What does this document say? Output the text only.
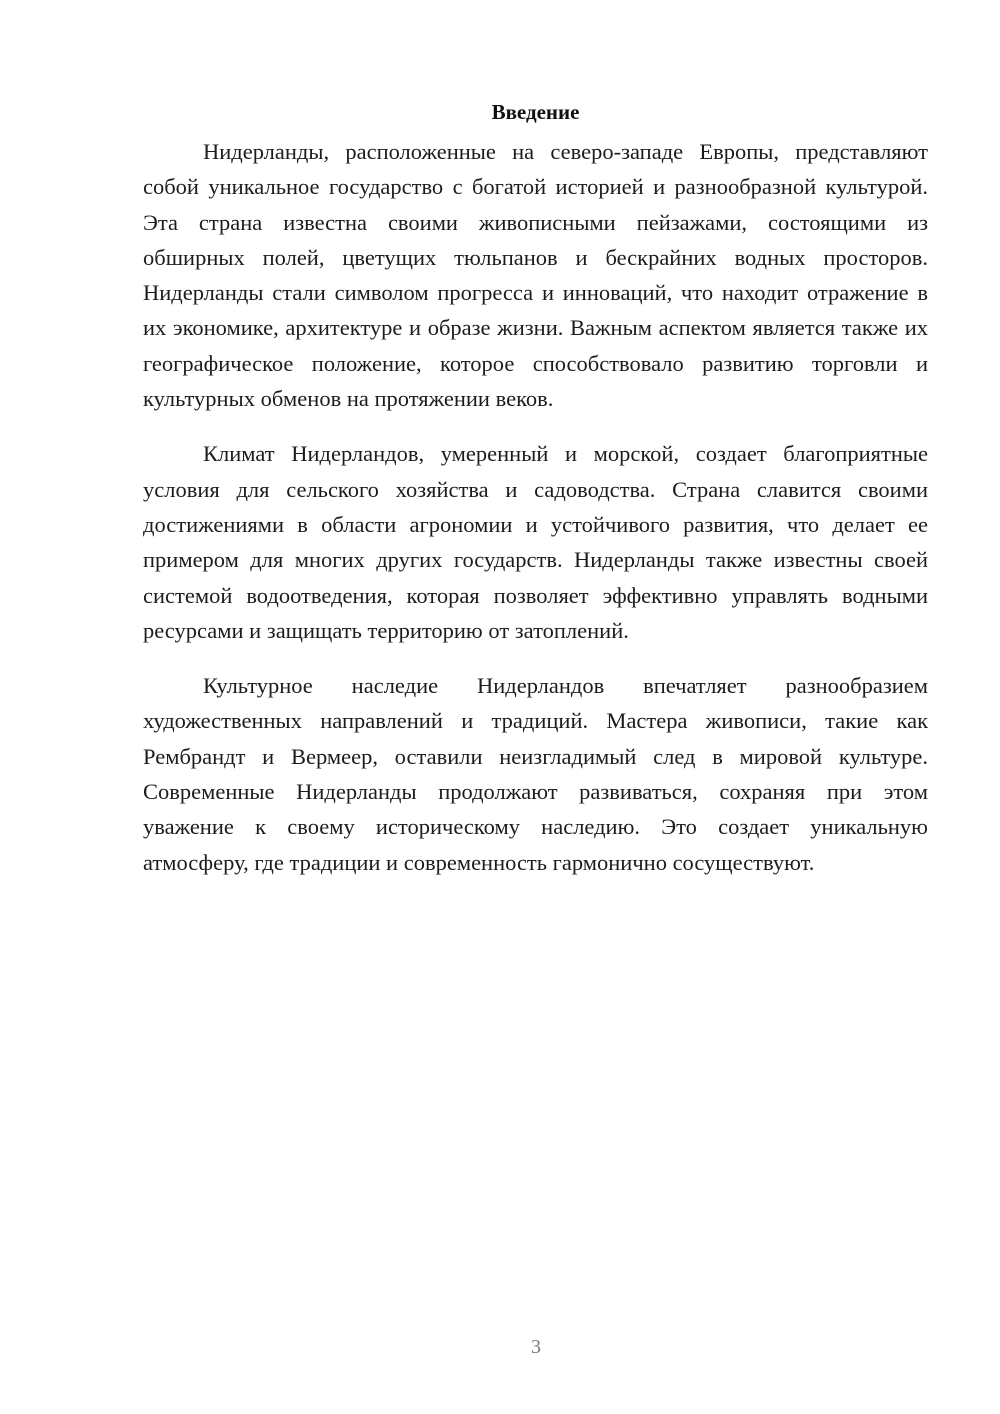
Введение

Нидерланды, расположенные на северо-западе Европы, представляют собой уникальное государство с богатой историей и разнообразной культурой. Эта страна известна своими живописными пейзажами, состоящими из обширных полей, цветущих тюльпанов и бескрайних водных просторов. Нидерланды стали символом прогресса и инноваций, что находит отражение в их экономике, архитектуре и образе жизни. Важным аспектом является также их географическое положение, которое способствовало развитию торговли и культурных обменов на протяжении веков.

Климат Нидерландов, умеренный и морской, создает благоприятные условия для сельского хозяйства и садоводства. Страна славится своими достижениями в области агрономии и устойчивого развития, что делает ее примером для многих других государств. Нидерланды также известны своей системой водоотведения, которая позволяет эффективно управлять водными ресурсами и защищать территорию от затоплений.

Культурное наследие Нидерландов впечатляет разнообразием художественных направлений и традиций. Мастера живописи, такие как Рембрандт и Вермеер, оставили неизгладимый след в мировой культуре. Современные Нидерланды продолжают развиваться, сохраняя при этом уважение к своему историческому наследию. Это создает уникальную атмосферу, где традиции и современность гармонично сосуществуют.

3
